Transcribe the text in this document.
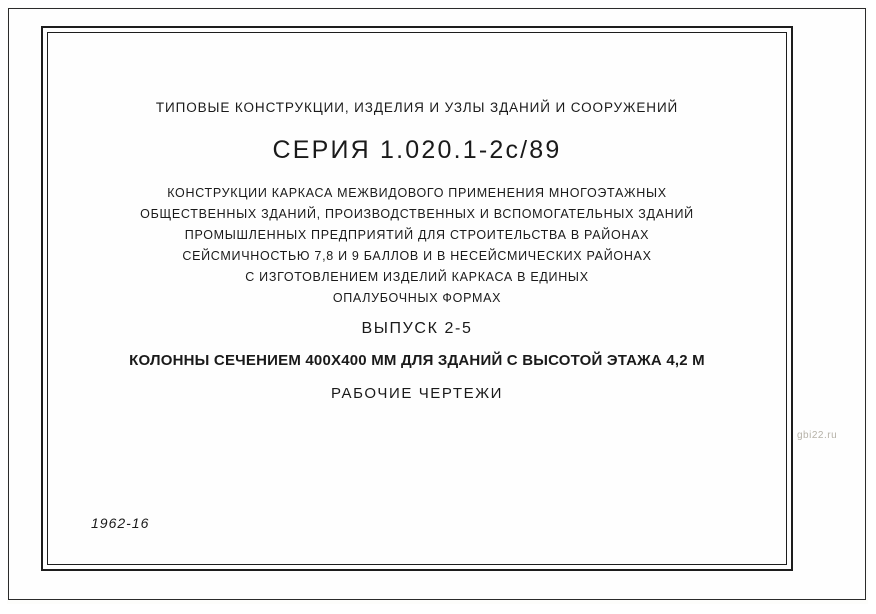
ТИПОВЫЕ КОНСТРУКЦИИ, ИЗДЕЛИЯ И УЗЛЫ ЗДАНИЙ И СООРУЖЕНИЙ
СЕРИЯ 1.020.1-2с/89
КОНСТРУКЦИИ КАРКАСА МЕЖВИДОВОГО ПРИМЕНЕНИЯ МНОГОЭТАЖНЫХ
ОБЩЕСТВЕННЫХ ЗДАНИЙ, ПРОИЗВОДСТВЕННЫХ И ВСПОМОГАТЕЛЬНЫХ ЗДАНИЙ
ПРОМЫШЛЕННЫХ ПРЕДПРИЯТИЙ ДЛЯ СТРОИТЕЛЬСТВА В РАЙОНАХ
СЕЙСМИЧНОСТЬЮ 7,8 И 9 БАЛЛОВ И В НЕСЕЙСМИЧЕСКИХ РАЙОНАХ
С ИЗГОТОВЛЕНИЕМ ИЗДЕЛИЙ КАРКАСА В ЕДИНЫХ
ОПАЛУБОЧНЫХ ФОРМАХ
ВЫПУСК 2-5
КОЛОННЫ СЕЧЕНИЕМ 400Х400 ММ ДЛЯ ЗДАНИЙ С ВЫСОТОЙ ЭТАЖА 4,2 М
РАБОЧИЕ ЧЕРТЕЖИ
1962-16
gbi22.ru
